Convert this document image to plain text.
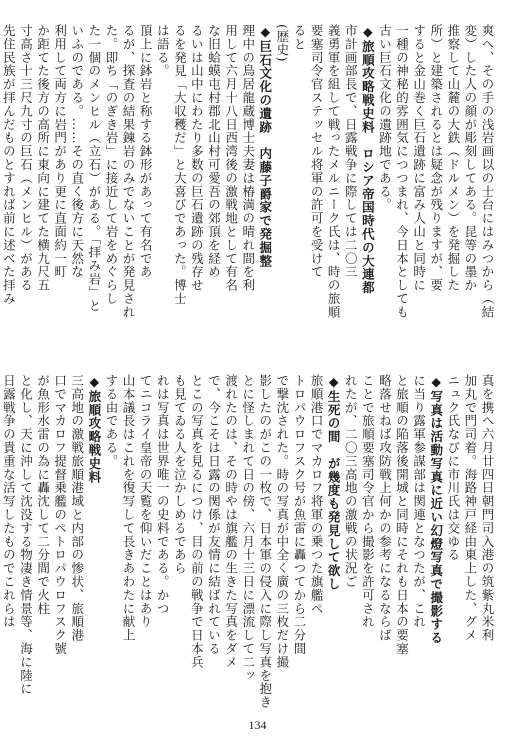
爽へ、その手の浅岩画以の士台にはみつから（結
変）した人の顔が彫刻してある。昆等の墨か
推察して山麓の大鉄（ドルメン）を発掘した
所）と建築されるとは疑念が残りますが、要
すると金山巻く巨石遺跡に富み人山と同時に
一種の神秘的雰囲気につつまれ、今日本としても
古い巨石文化の遺跡地である。
◆旅順攻略戦史料　ロシア帝国時代の大連都
市計画部長で、日露戦争に際しては二〇三
義勇軍を組して戦ったメルニーク氏は、時の旅順
要塞司令官ステッセル将軍の許可を受けて
ると
(歴史)
◆巨石文化の遺跡　内藤子爵家で発掘整
理中の鳥居龍蔵博士夫妻は椿満の晴れ間を利
用して六月十八日西湾後の激戦地として有名
な旧蛤蟆屯村郡北山村可愛吾の郊頂を経め
るいは山中にわたり多数の巨石遺跡の残存せ
るを発見「大収穫だ」と大喜びであった。博士
は語る。
頂上に鉢岩と称する鉢形があって有名であ
るが、探査の結果錬岩のみでないことが発見され
た。即ち「のぎき岩」に接近して岩をめぐらし
た一個のメンヒル（立石）がある。「拝み岩」と
いふのである。……その直く後方に天然な
利用して両方に岩門があり更に直面約一町
か距てた後方の高所に東向に建てた横九尺五
寸高さ十三尺九寸の巨石（メンヒル）がある
先住民族が拝んだものとすれば前に述べた拝み
真を携へ六月廿四日朝門司入港の筑紫丸米利
加丸で門司着。海路神戸経由東上した、グメ
ニュク氏なびに市川氏は交ゆる
◆写真は活動写真に近い幻燈写真で撮影する
に当り露軍参謀部は関連となつたが、これ
と旅順の陥落後開城と同時にそれも日本の要塞
略落せねば攻防戦上何かの参考になるならば
ことで旅順要塞司令官から撮影を許可され
れたが、二〇三高地の激戦の状況ご
◆生死の間　が幾度も発見して欲し
旅順港口でマカロフ将軍の乗つた旗艦ペ
トロパウロフスク号が魚雷に轟つてから二分間
で撃沈された。時の写真が中全く廣の三枚だけ撮
影したのがこの一枚で、日本軍の侵入に際し写真を抱き
とに怪しまれて日の傍、六月十三日に漂流して二ッ
渡れたのは、その時やは旗艦の生きた写真をダメ
で、今こそは日露の関係が友情に結ばれている
とこの写真を見るにつけ、目の前の戦争で日本兵
も見てゐる人を泣かしめるであら
れは写真は世界唯一の史料である。かつ
てニコライ皇帝の天覧を仰いだことはあり
山本議長はこれを復写して長きあわたに献上
する由である。
◆旅順攻略戦史料
三高地の激戦旅順港域と内部の惨状、旅順港
口でマカロフ提督乗艦のペトロパウロフスク號
が魚形水雷の為に轟沈して二分間で火柱
と化し、天に沖して沈没する物凄き情景等、海に陸に
日露戦争の貴重な活写したものでこれらは
134
